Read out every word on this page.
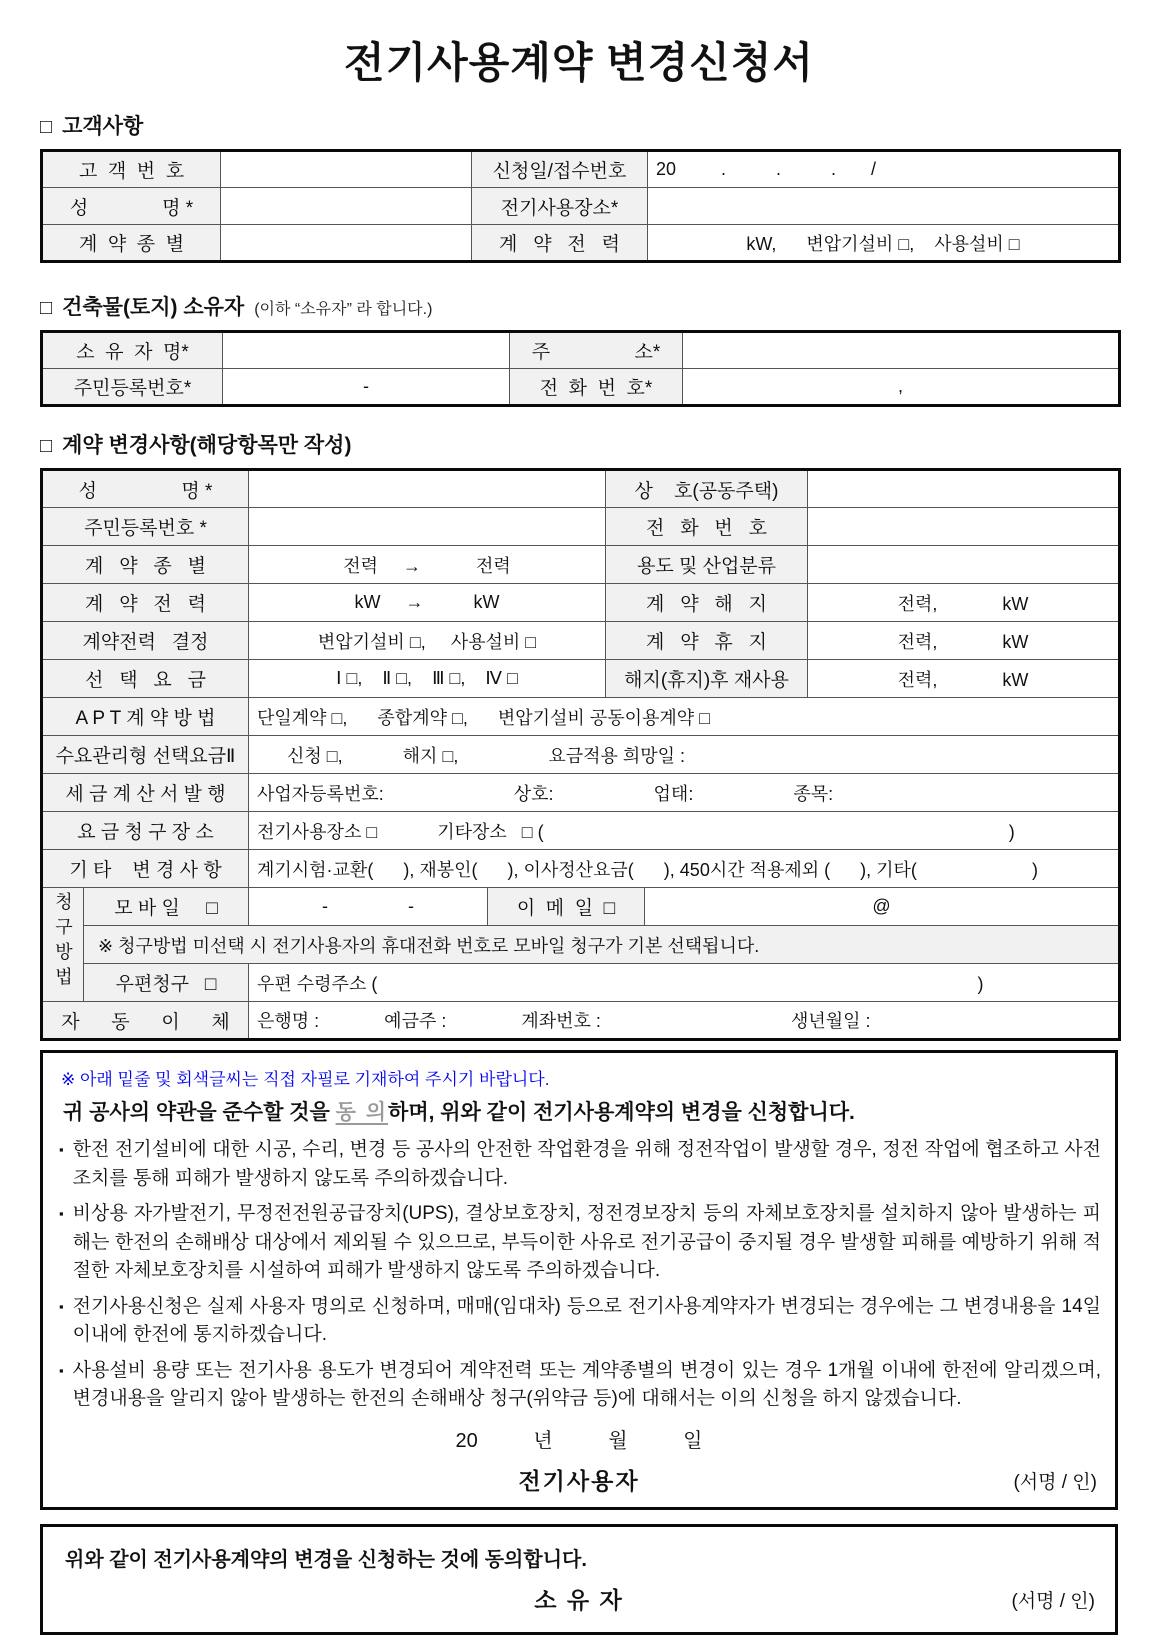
전기사용계약 변경신청서
□ 고객사항
고  객  번  호		신청일/접수번호	20         .          .          .       /
성              명 *		전기사용장소*	
계  약  종  별		계   약   전   력	kW,      변압기설비 □,    사용설비 □
□ 건축물(토지) 소유자 (이하 “소유자” 라 합니다.)
소  유  자  명*		주                소*	
주민등록번호*	-	전  화  번  호*	,
□ 계약 변경사항(해당항목만 작성)
성                명 *				상    호(공동주택)		
주민등록번호 *				전   화   번   호		
계   약   종   별		전력     →           전력		용도 및 산업분류		
계   약   전   력		kW     →          kW		계   약   해   지		전력,             kW
계약전력   결정		변압기설비 □,     사용설비 □		계   약   휴   지		전력,             kW
선   택   요   금		Ⅰ □,    Ⅱ □,    Ⅲ □,    Ⅳ □		해지(휴지)후 재사용		전력,             kW
A P T 계 약 방 법		단일계약 □,      종합계약 □,      변압기설비 공동이용계약 □				
수요관리형 선택요금Ⅱ		신청 □,            해지 □,                  요금적용 희망일 :				
세 금 계 산 서 발 행		사업자등록번호:                          상호:                    업태:                    종목:				
요 금 청 구 장 소		전기사용장소 □            기타장소   □ (                                                                                             )				
기 타    변 경 사 항		계기시험·교환(      ), 재봉인(      ), 이사정산요금(      ), 450시간 적용제외 (      ), 기타(                       )				
청구방법	모 바 일     □	-                -	이  메  일  □		@	
	※ 청구방법 미선택 시 전기사용자의 휴대전화 번호로 모바일 청구가 기본 선택됩니다.					
	우편청구   □	우편 수령주소 (                                                                                                                        )				
자      동      이      체		은행명 :             예금주 :               계좌번호 :                                      생년월일 :				
※ 아래 밑줄 및 회색글씨는 직접 자필로 기재하여 주시기 바랍니다.
귀 공사의 약관을 준수할 것을 동 의하며, 위와 같이 전기사용계약의 변경을 신청합니다.
▪ 한전 전기설비에 대한 시공, 수리, 변경 등 공사의 안전한 작업환경을 위해 정전작업이 발생할 경우, 정전 작업에 협조하고 사전조치를 통해 피해가 발생하지 않도록 주의하겠습니다.
▪ 비상용 자가발전기, 무정전전원공급장치(UPS), 결상보호장치, 정전경보장치 등의 자체보호장치를 설치하지 않아 발생하는 피해는 한전의 손해배상 대상에서 제외될 수 있으므로, 부득이한 사유로 전기공급이 중지될 경우 발생할 피해를 예방하기 위해 적절한 자체보호장치를 시설하여 피해가 발생하지 않도록 주의하겠습니다.
▪ 전기사용신청은 실제 사용자 명의로 신청하며, 매매(임대차) 등으로 전기사용계약자가 변경되는 경우에는 그 변경내용을 14일 이내에 한전에 통지하겠습니다.
▪ 사용설비 용량 또는 전기사용 용도가 변경되어 계약전력 또는 계약종별의 변경이 있는 경우 1개월 이내에 한전에 알리겠으며, 변경내용을 알리지 않아 발생하는 한전의 손해배상 청구(위약금 등)에 대해서는 이의 신청을 하지 않겠습니다.
20          년          월          일
전기사용자	(서명 / 인)
위와 같이 전기사용계약의 변경을 신청하는 것에 동의합니다.
소 유 자	(서명 / 인)
